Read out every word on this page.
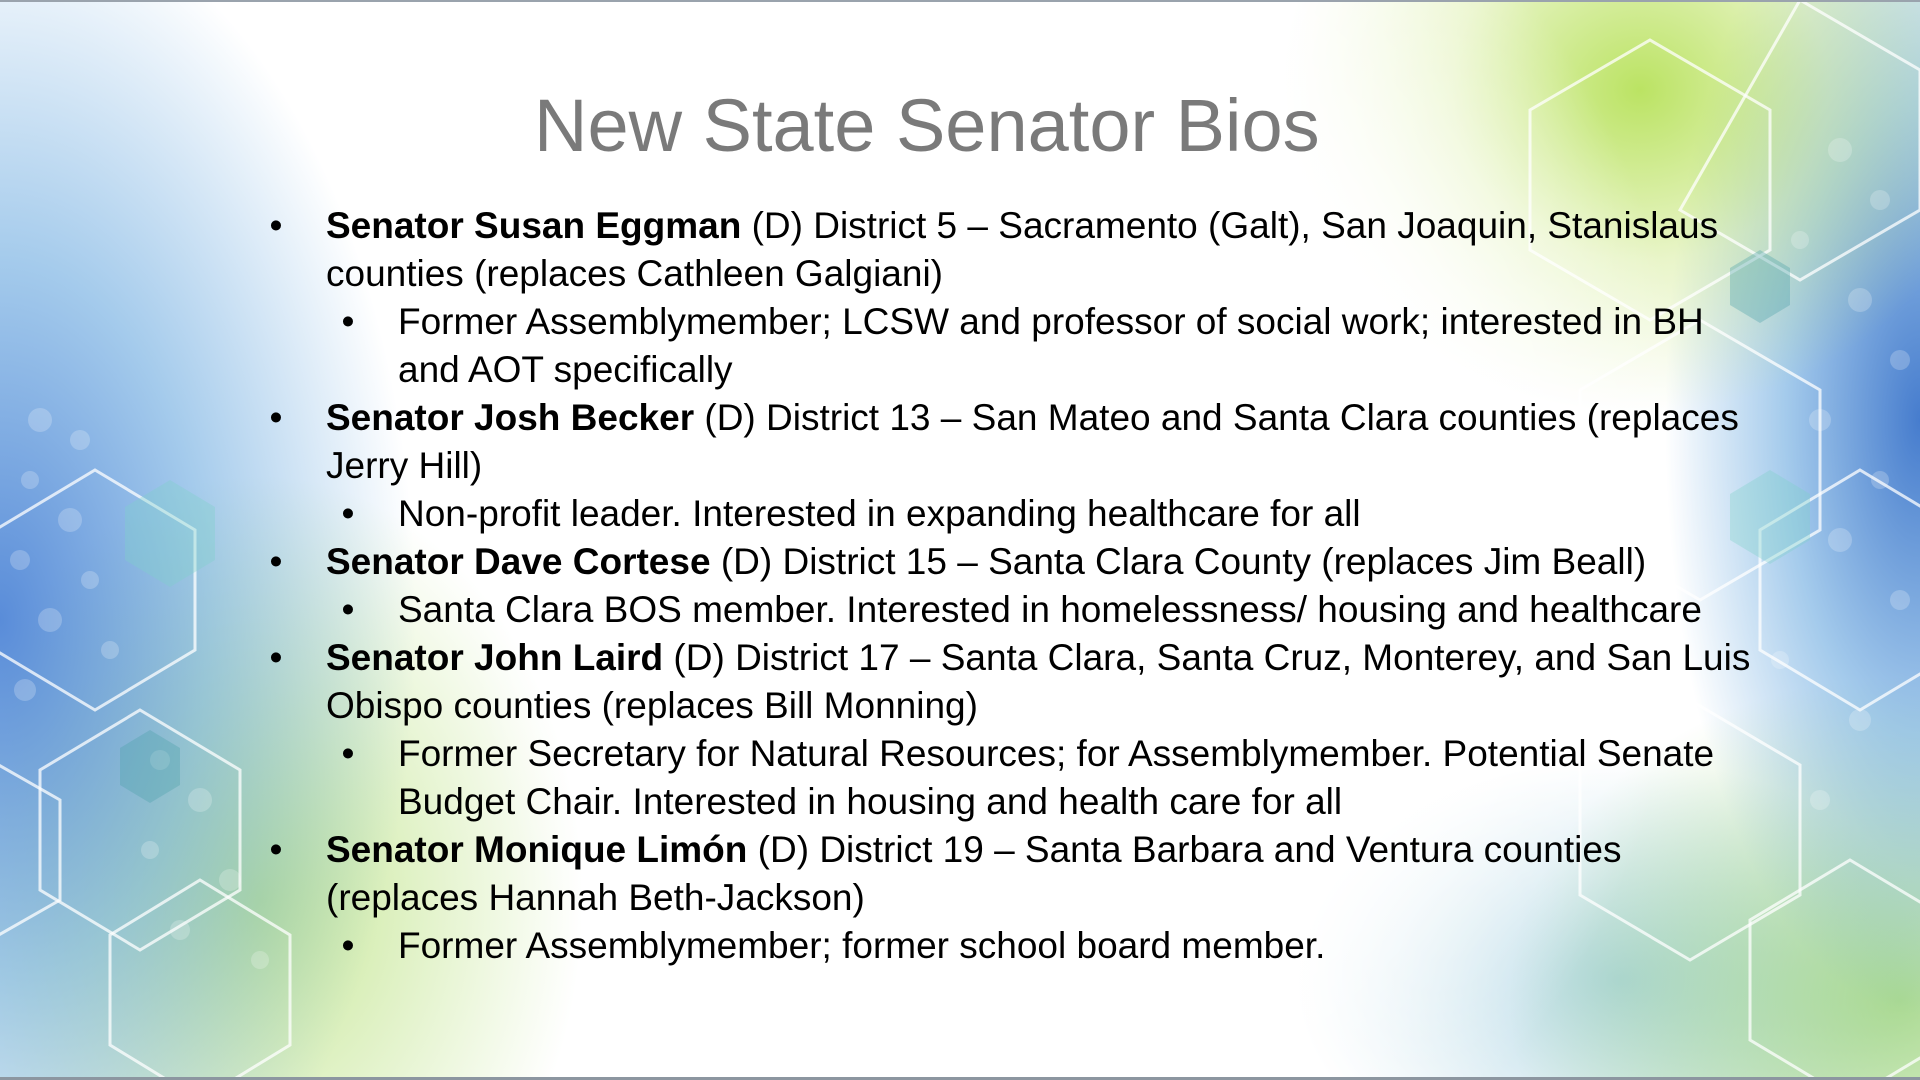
New State Senator Bios

• Senator Susan Eggman (D) District 5 – Sacramento (Galt), San Joaquin, Stanislaus counties (replaces Cathleen Galgiani)

• Former Assemblymember; LCSW and professor of social work; interested in BH and AOT specifically

• Senator Josh Becker (D) District 13 – San Mateo and Santa Clara counties (replaces Jerry Hill)

• Non-profit leader. Interested in expanding healthcare for all

• Senator Dave Cortese (D) District 15 – Santa Clara County (replaces Jim Beall)

• Santa Clara BOS member. Interested in homelessness/ housing and healthcare

• Senator John Laird (D) District 17 – Santa Clara, Santa Cruz, Monterey, and San Luis Obispo counties (replaces Bill Monning)

• Former Secretary for Natural Resources; for Assemblymember. Potential Senate Budget Chair. Interested in housing and health care for all

• Senator Monique Limón (D) District 19 – Santa Barbara and Ventura counties (replaces Hannah Beth-Jackson)

• Former Assemblymember; former school board member.
